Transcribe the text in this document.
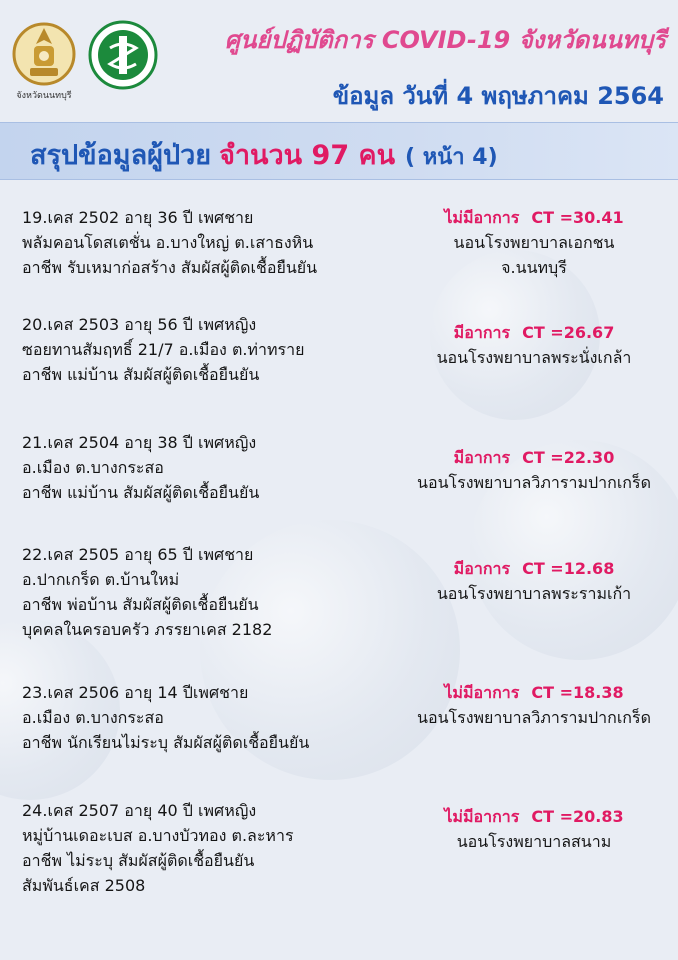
จังหวัดนนทบุรี
ศูนย์ปฏิบัติการ COVID-19 จังหวัดนนทบุรี
ข้อมูล วันที่ 4 พฤษภาคม 2564
สรุปข้อมูลผู้ป่วย จำนวน 97 คน ( หน้า 4)
19.เคส 2502 อายุ 36 ปี เพศชาย
พลัมคอนโดสเตชั่น อ.บางใหญ่ ต.เสาธงหิน
อาชีพ รับเหมาก่อสร้าง สัมผัสผู้ติดเชื้อยืนยัน
ไม่มีอาการ CT =30.41
นอนโรงพยาบาลเอกชน
จ.นนทบุรี
20.เคส 2503 อายุ 56 ปี เพศหญิง
ซอยทานสัมฤทธิ์ 21/7 อ.เมือง ต.ท่าทราย
อาชีพ แม่บ้าน สัมผัสผู้ติดเชื้อยืนยัน
มีอาการ CT =26.67
นอนโรงพยาบาลพระนั่งเกล้า
21.เคส 2504 อายุ 38 ปี เพศหญิง
อ.เมือง ต.บางกระสอ
อาชีพ แม่บ้าน สัมผัสผู้ติดเชื้อยืนยัน
มีอาการ CT =22.30
นอนโรงพยาบาลวิภารามปากเกร็ด
22.เคส 2505 อายุ 65 ปี เพศชาย
อ.ปากเกร็ด ต.บ้านใหม่
อาชีพ พ่อบ้าน สัมผัสผู้ติดเชื้อยืนยัน
บุคคลในครอบครัว ภรรยาเคส 2182
มีอาการ CT =12.68
นอนโรงพยาบาลพระรามเก้า
23.เคส 2506 อายุ 14 ปีเพศชาย
อ.เมือง ต.บางกระสอ
อาชีพ นักเรียนไม่ระบุ สัมผัสผู้ติดเชื้อยืนยัน
ไม่มีอาการ CT =18.38
นอนโรงพยาบาลวิภารามปากเกร็ด
24.เคส 2507 อายุ 40 ปี เพศหญิง
หมู่บ้านเดอะเบส อ.บางบัวทอง ต.ละหาร
อาชีพ ไม่ระบุ สัมผัสผู้ติดเชื้อยืนยัน
สัมพันธ์เคส 2508
ไม่มีอาการ CT =20.83
นอนโรงพยาบาลสนาม
